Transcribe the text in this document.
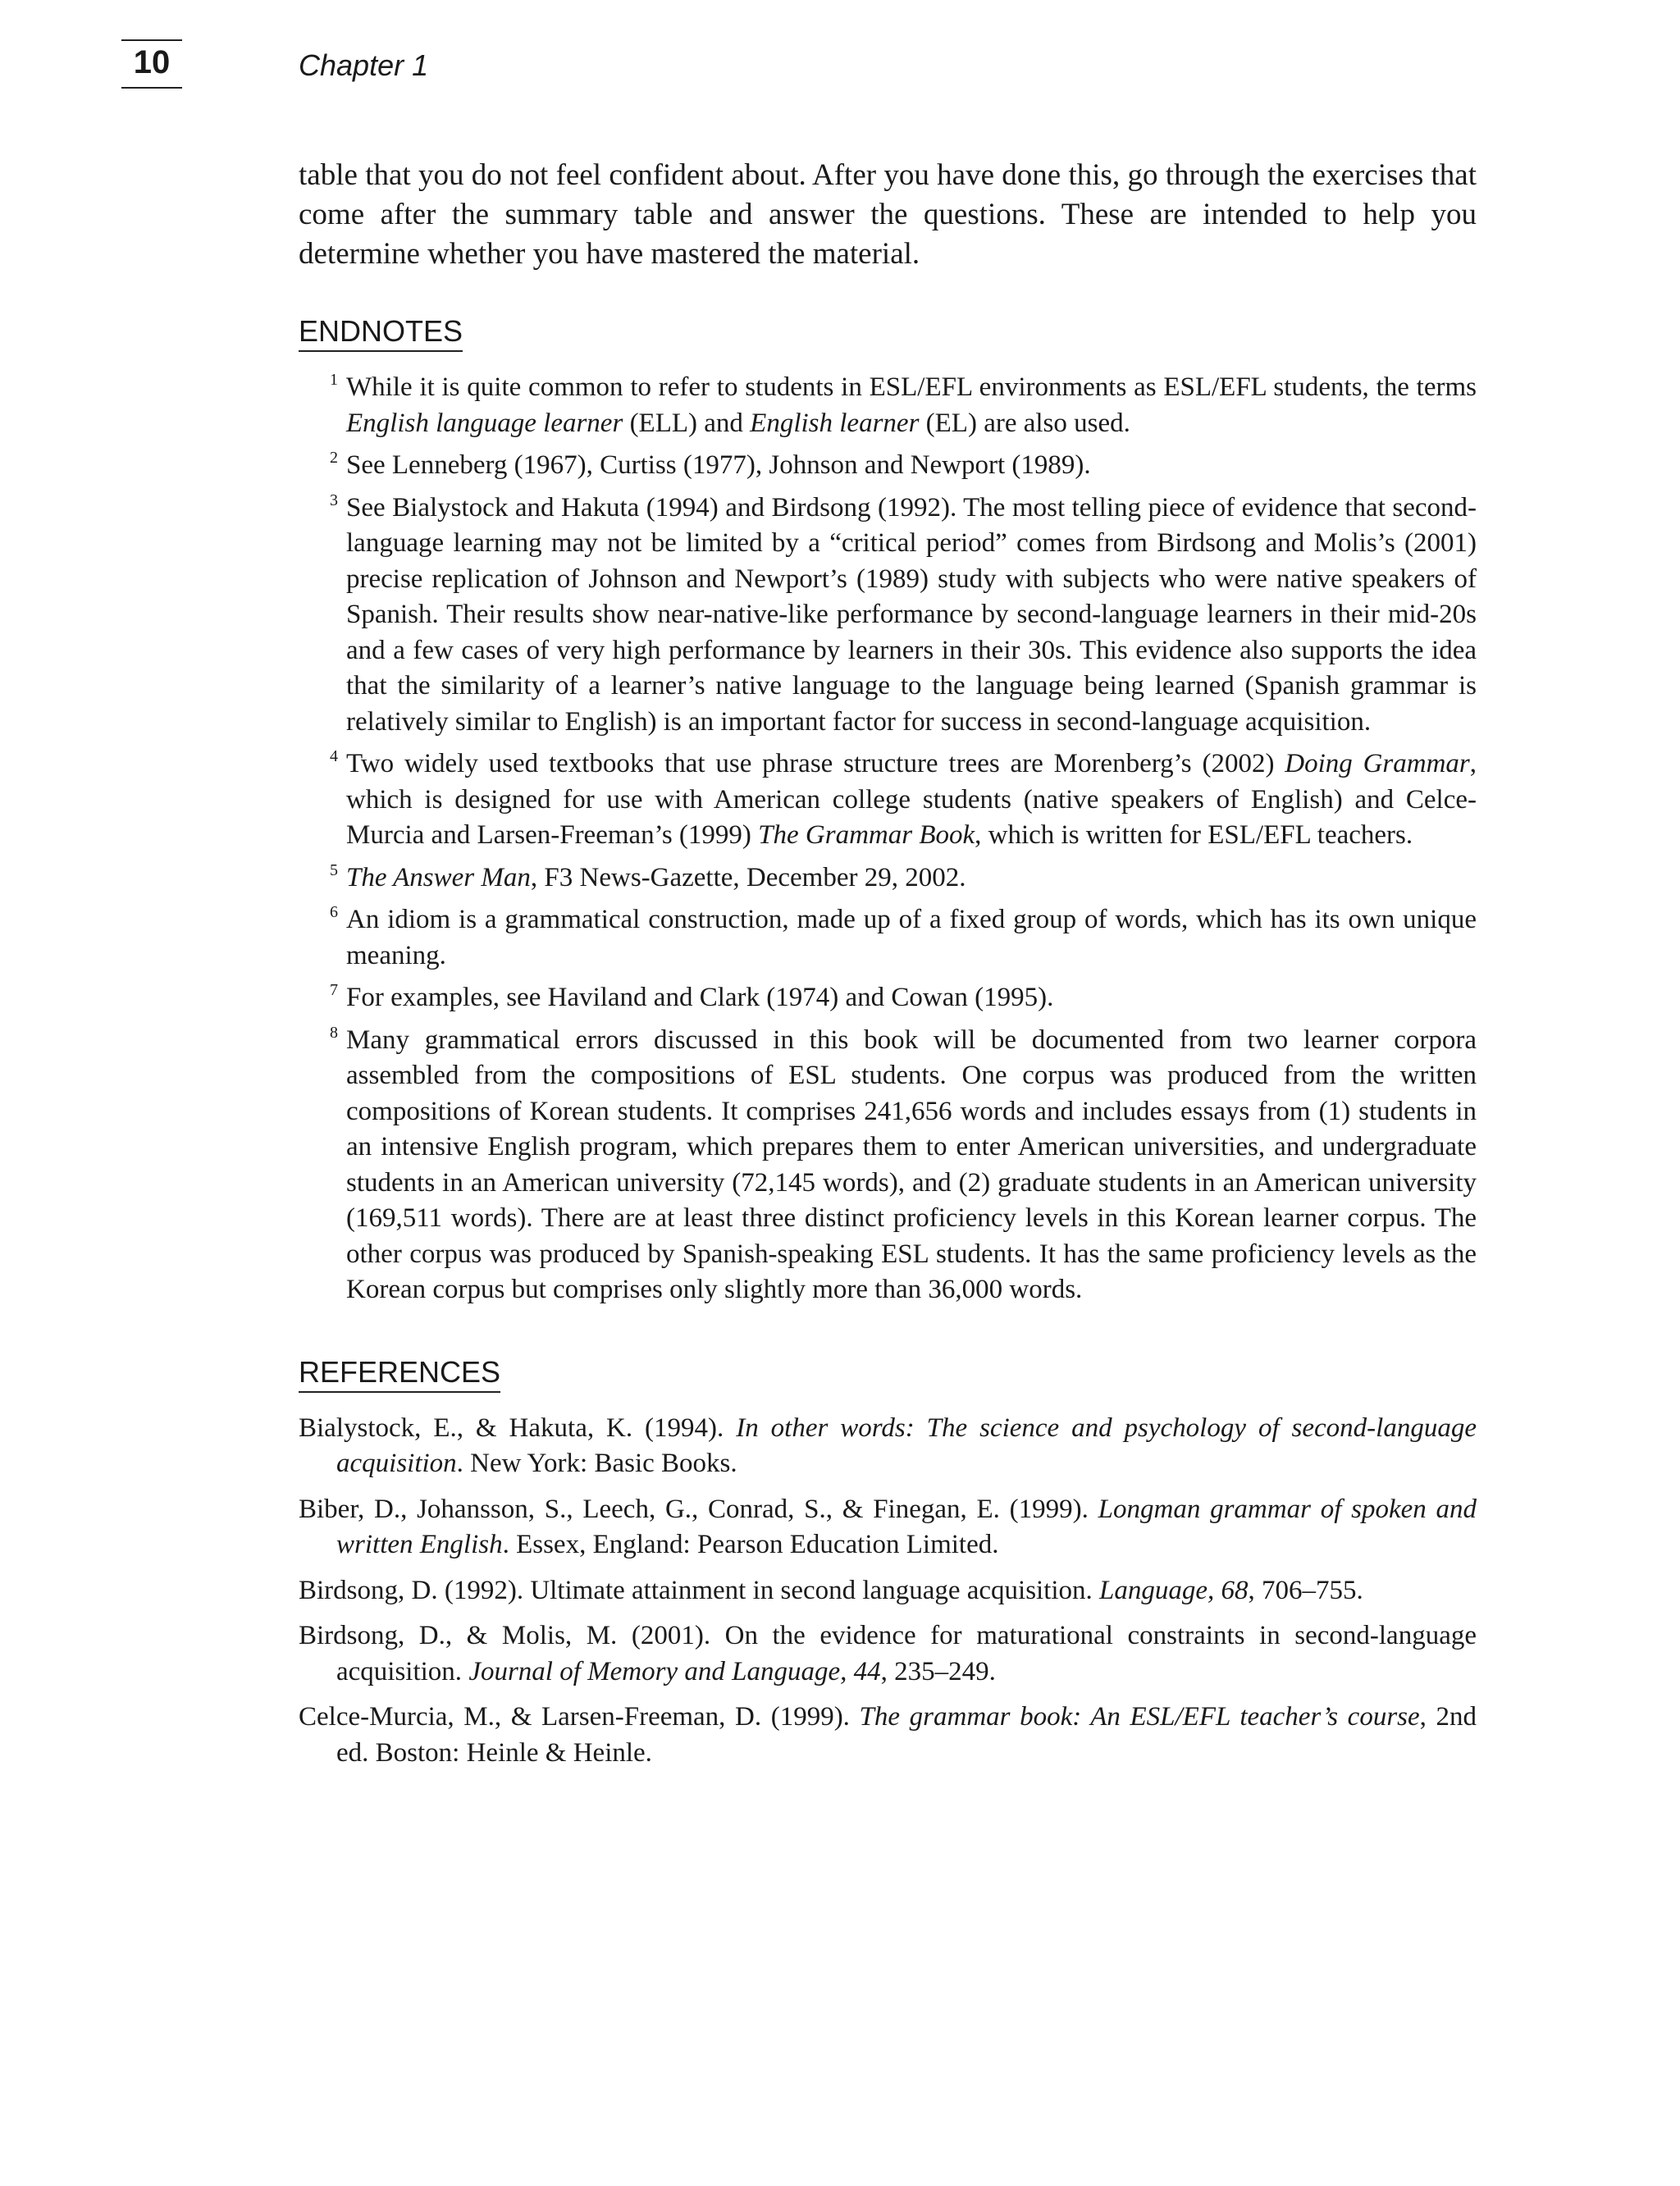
10	Chapter 1

table that you do not feel confident about. After you have done this, go through the exercises that come after the summary table and answer the questions. These are intended to help you determine whether you have mastered the material.

ENDNOTES
1 While it is quite common to refer to students in ESL/EFL environments as ESL/EFL students, the terms English language learner (ELL) and English learner (EL) are also used.
2 See Lenneberg (1967), Curtiss (1977), Johnson and Newport (1989).
3 See Bialystock and Hakuta (1994) and Birdsong (1992). The most telling piece of evidence that second-language learning may not be limited by a “critical period” comes from Birdsong and Molis’s (2001) precise replication of Johnson and Newport’s (1989) study with subjects who were native speakers of Spanish. Their results show near-native-like performance by second-language learners in their mid-20s and a few cases of very high performance by learners in their 30s. This evidence also supports the idea that the similarity of a learner’s native language to the language being learned (Spanish grammar is relatively similar to English) is an important factor for success in second-language acquisition.
4 Two widely used textbooks that use phrase structure trees are Morenberg’s (2002) Doing Grammar, which is designed for use with American college students (native speakers of English) and Celce-Murcia and Larsen-Freeman’s (1999) The Grammar Book, which is written for ESL/EFL teachers.
5 The Answer Man, F3 News-Gazette, December 29, 2002.
6 An idiom is a grammatical construction, made up of a fixed group of words, which has its own unique meaning.
7 For examples, see Haviland and Clark (1974) and Cowan (1995).
8 Many grammatical errors discussed in this book will be documented from two learner corpora assembled from the compositions of ESL students. One corpus was produced from the written compositions of Korean students. It comprises 241,656 words and includes essays from (1) students in an intensive English program, which prepares them to enter American universities, and undergraduate students in an American university (72,145 words), and (2) graduate students in an American university (169,511 words). There are at least three distinct proficiency levels in this Korean learner corpus. The other corpus was produced by Spanish-speaking ESL students. It has the same proficiency levels as the Korean corpus but comprises only slightly more than 36,000 words.
REFERENCES
Bialystock, E., & Hakuta, K. (1994). In other words: The science and psychology of second-language acquisition. New York: Basic Books.
Biber, D., Johansson, S., Leech, G., Conrad, S., & Finegan, E. (1999). Longman grammar of spoken and written English. Essex, England: Pearson Education Limited.
Birdsong, D. (1992). Ultimate attainment in second language acquisition. Language, 68, 706–755.
Birdsong, D., & Molis, M. (2001). On the evidence for maturational constraints in second-language acquisition. Journal of Memory and Language, 44, 235–249.
Celce-Murcia, M., & Larsen-Freeman, D. (1999). The grammar book: An ESL/EFL teacher’s course, 2nd ed. Boston: Heinle & Heinle.
